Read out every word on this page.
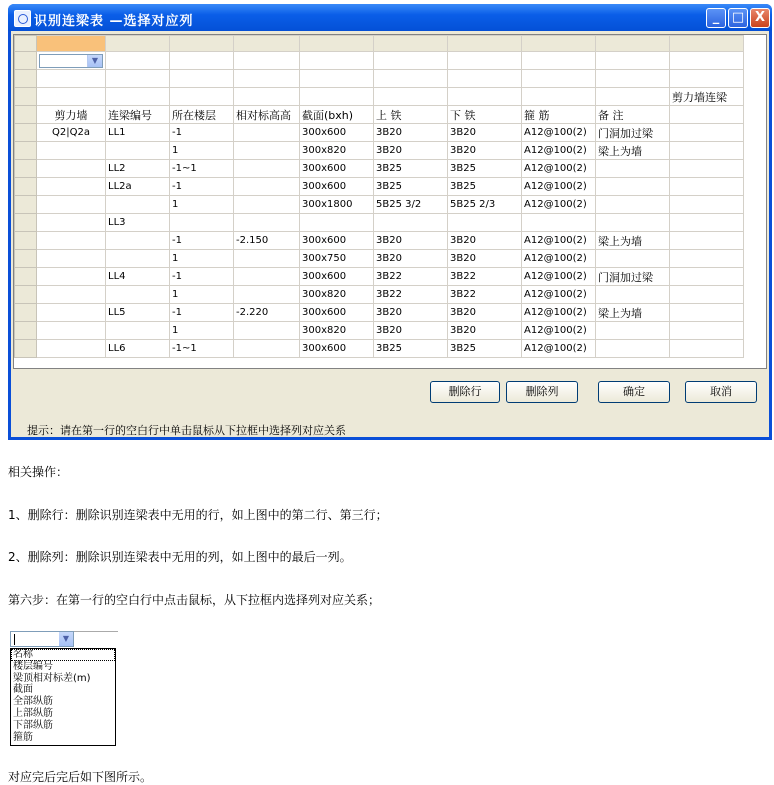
识别连梁表 —选择对应列	_ □ X

	▼									

										剪力墙连梁
	剪力墙	连梁编号	所在楼层	相对标高高	截面(bxh)	上 铁	下 铁	箍 筋	备 注	
	Q2|Q2a	LL1	-1		300x600	3B20	3B20	A12@100(2)	门洞加过梁	
			1		300x820	3B20	3B20	A12@100(2)	梁上为墙	
		LL2	-1~1		300x600	3B25	3B25	A12@100(2)		
		LL2a	-1		300x600	3B25	3B25	A12@100(2)		
			1		300x1800	5B25 3/2	5B25 2/3	A12@100(2)		
		LL3								
			-1	-2.150	300x600	3B20	3B20	A12@100(2)	梁上为墙	
			1		300x750	3B20	3B20	A12@100(2)		
		LL4	-1		300x600	3B22	3B22	A12@100(2)	门洞加过梁	
			1		300x820	3B22	3B22	A12@100(2)		
		LL5	-1	-2.220	300x600	3B20	3B20	A12@100(2)	梁上为墙	
			1		300x820	3B20	3B20	A12@100(2)		
		LL6	-1~1		300x600	3B25	3B25	A12@100(2)		
删除行	删除列	确定	取消
提示：请在第一行的空白行中单击鼠标从下拉框中选择列对应关系
相关操作：
1、删除行：删除识别连梁表中无用的行，如上图中的第二行、第三行；
2、删除列：删除识别连梁表中无用的列，如上图中的最后一列。
第六步：在第一行的空白行中点击鼠标，从下拉框内选择列对应关系；
▼
名称
楼层编号
梁顶相对标差(m)
截面
全部纵筋
上部纵筋
下部纵筋
箍筋
对应完后完后如下图所示。
